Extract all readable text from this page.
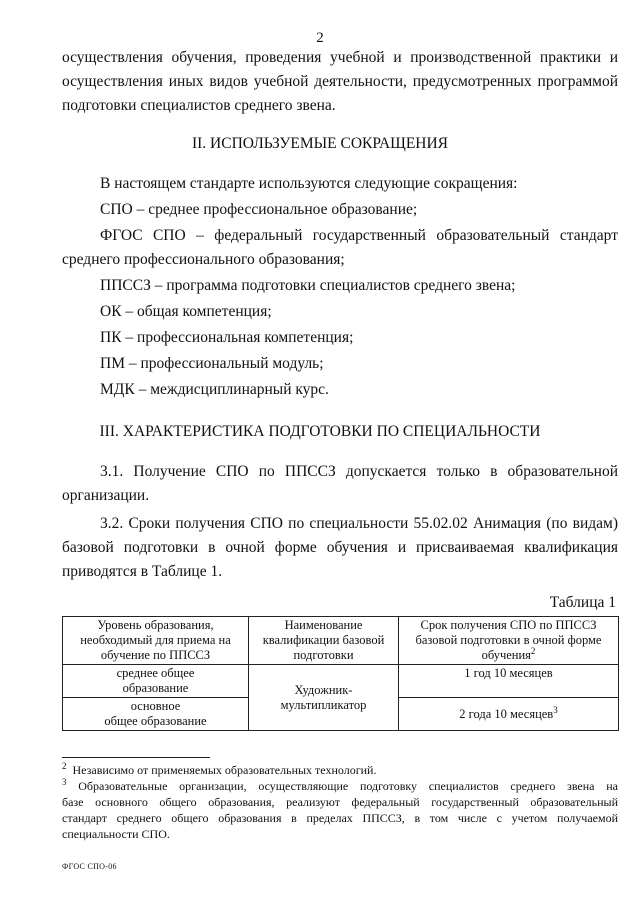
2
осуществления обучения, проведения учебной и производственной практики и
осуществления иных видов учебной деятельности, предусмотренных программой
подготовки специалистов среднего звена.
II. ИСПОЛЬЗУЕМЫЕ СОКРАЩЕНИЯ
В настоящем стандарте используются следующие сокращения:
СПО – среднее профессиональное образование;
ФГОС СПО – федеральный государственный образовательный стандарт
среднего профессионального образования;
ППССЗ – программа подготовки специалистов среднего звена;
ОК – общая компетенция;
ПК – профессиональная компетенция;
ПМ – профессиональный модуль;
МДК – междисциплинарный курс.
III. ХАРАКТЕРИСТИКА ПОДГОТОВКИ ПО СПЕЦИАЛЬНОСТИ
3.1. Получение СПО по ППССЗ допускается только в образовательной
организации.
3.2. Сроки получения СПО по специальности 55.02.02 Анимация (по видам)
базовой подготовки в очной форме обучения и присваиваемая квалификация
приводятся в Таблице 1.
Таблица 1
Уровень образования,
необходимый для приема на
обучение по ППССЗ	Наименование
квалификации базовой
подготовки	Срок получения СПО по ППССЗ
базовой подготовки в очной форме
обучения$^2$
среднее общее
образование	Художник-
мультипликатор	1 год 10 месяцев
основное
общее образование		2 года 10 месяцев$^3$
$^2$ Независимо от применяемых образовательных технологий.
$^3$ Образовательные организации, осуществляющие подготовку специалистов среднего звена на
базе основного общего образования, реализуют федеральный государственный образовательный
стандарт среднего общего образования в пределах ППССЗ, в том числе с учетом получаемой
специальности СПО.
ФГОС СПО-06
